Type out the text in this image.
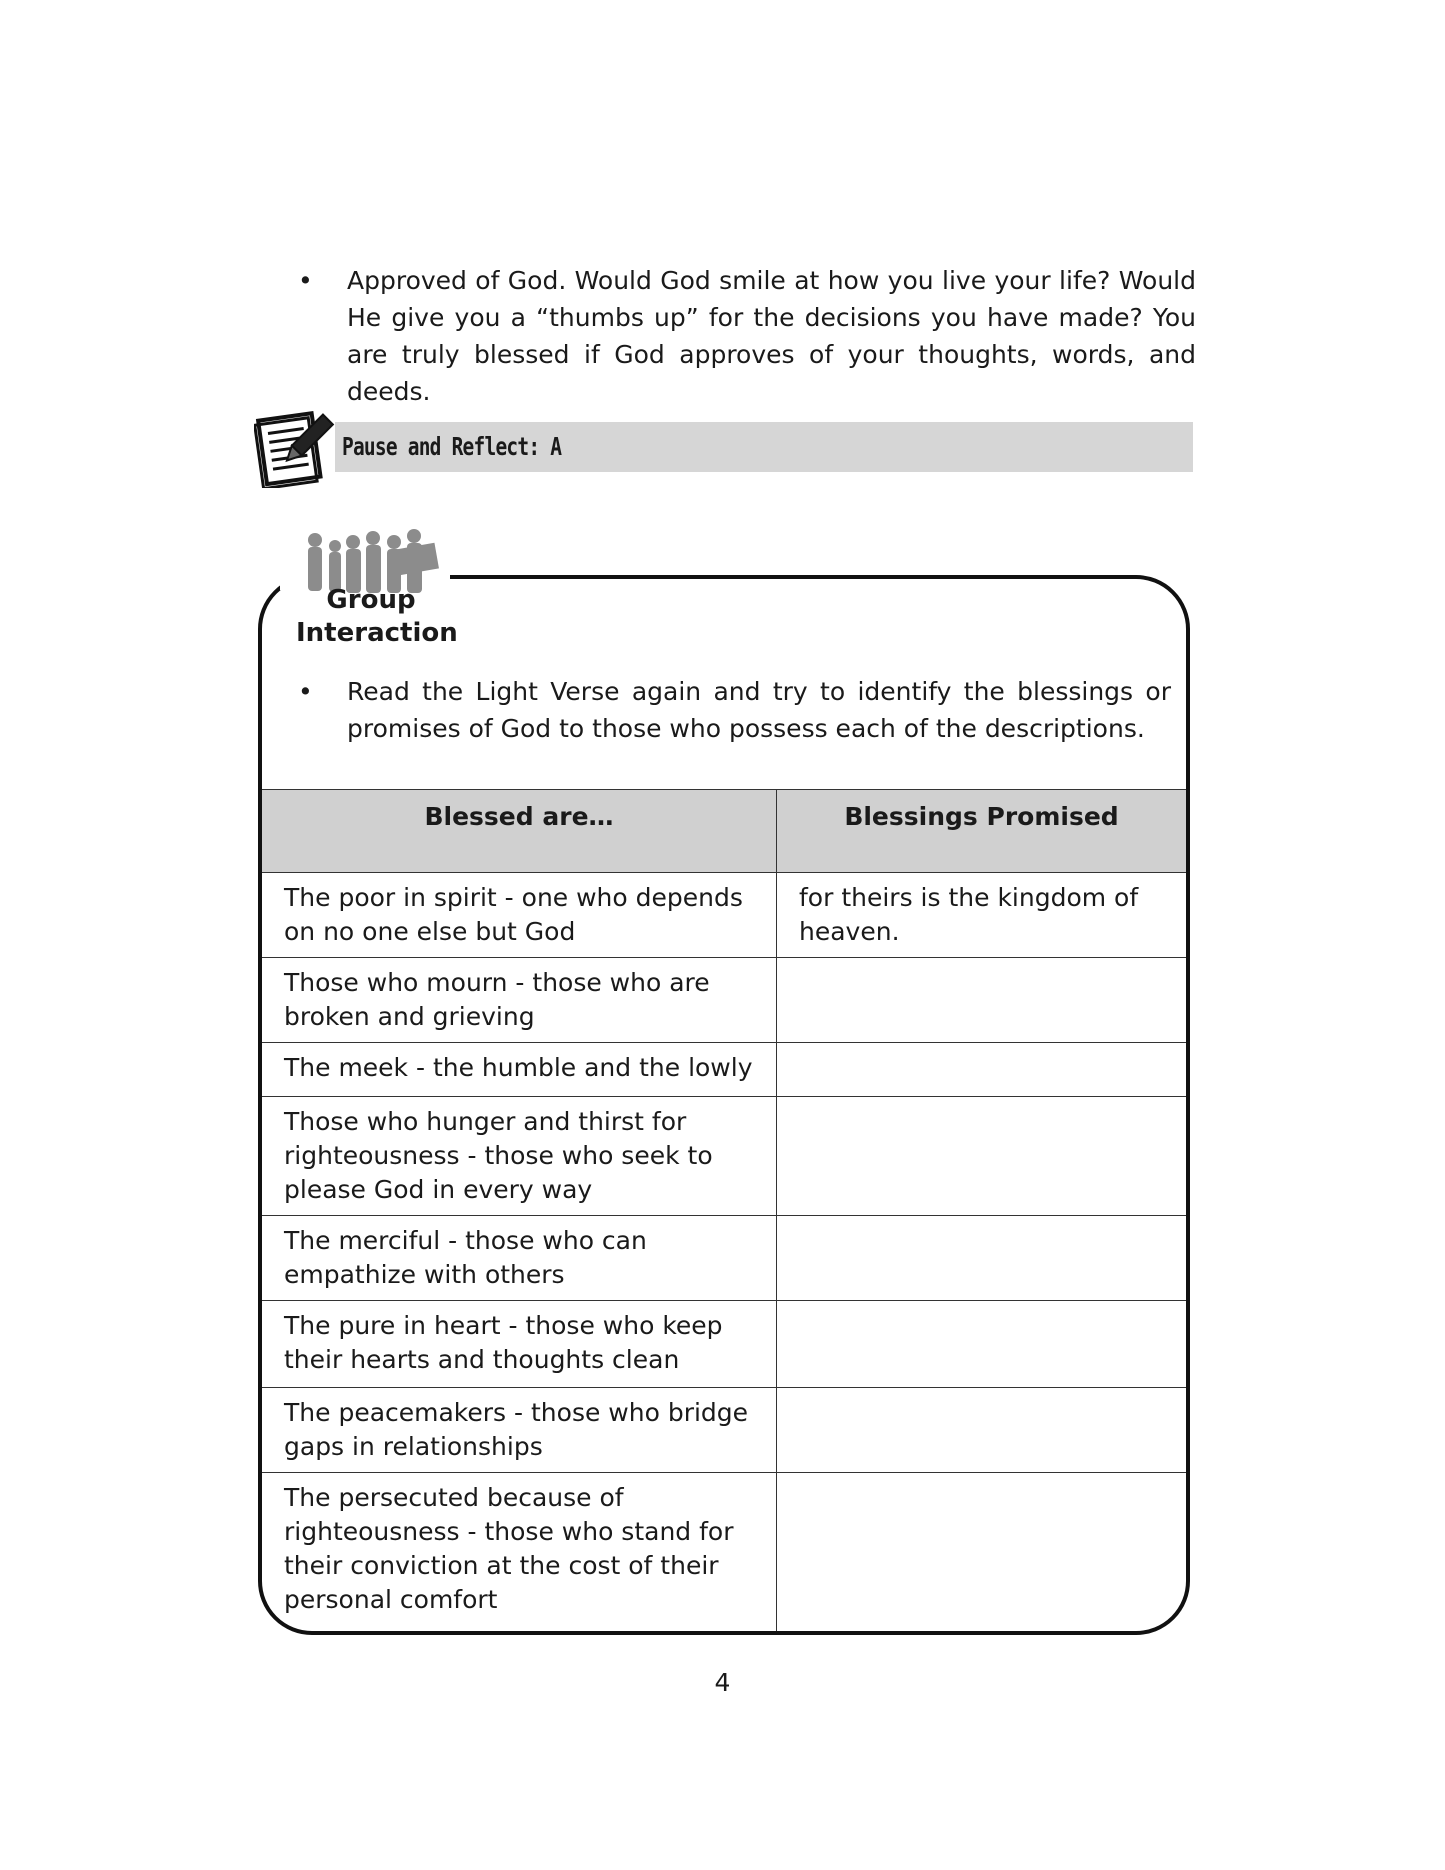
• Approved of God. Would God smile at how you live your life? Would He give you a “thumbs up” for the decisions you have made? You are truly blessed if God approves of your thoughts, words, and deeds.
Pause and Reflect: A
Blessed are…	Blessings Promised
The poor in spirit - one who depends on no one else but God	for theirs is the kingdom of heaven.
Those who mourn - those who are broken and grieving	
The meek - the humble and the lowly	
Those who hunger and thirst for righteousness - those who seek to please God in every way	
The merciful - those who can empathize with others	
The pure in heart - those who keep their hearts and thoughts clean	
The peacemakers - those who bridge gaps in relationships	
The persecuted because of righteousness - those who stand for their conviction at the cost of their personal comfort	
Group
Interaction
• Read the Light Verse again and try to identify the blessings or promises of God to those who possess each of the descriptions.
4
